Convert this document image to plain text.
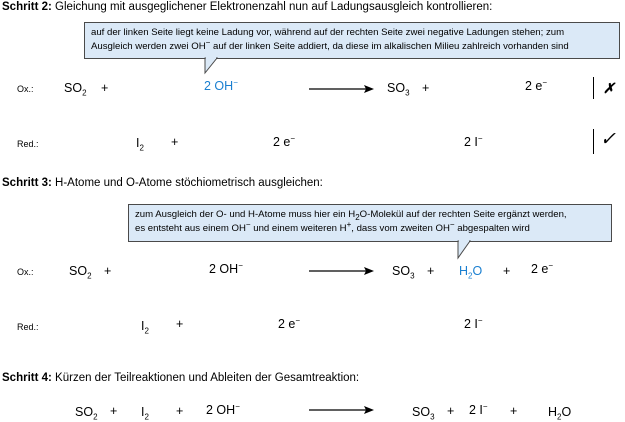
Schritt 2: Gleichung mit ausgeglichener Elektronenzahl nun auf Ladungsausgleich kontrollieren:
auf der linken Seite liegt keine Ladung vor, während auf der rechten Seite zwei negative Ladungen stehen; zum
Ausgleich werden zwei OH− auf der linken Seite addiert, da diese im alkalischen Milieu zahlreich vorhanden sind
Ox.: $SO_2$ +	2 OH−	$SO_3$ +	2 e−	✗
Red.:	$I_2$ +	2 e−	2 I−	✓
Schritt 3: H-Atome und O-Atome stöchiometrisch ausgleichen:
zum Ausgleich der O- und H-Atome muss hier ein $H_2O$-Molekül auf der rechten Seite ergänzt werden,
es entsteht aus einem OH− und einem weiteren H+, dass vom zweiten OH− abgespalten wird
Ox.:	$SO_2$ +	2 OH−	$SO_3 + H_2O + 2$ e−
Red.:	$I_2$ +	2 e−	2 I−
Schritt 4: Kürzen der Teilreaktionen und Ableiten der Gesamtreaktion:
$SO_2 + I_2 + 2$ OH−	$SO_3 + 2$ $I^- + H_2O$
